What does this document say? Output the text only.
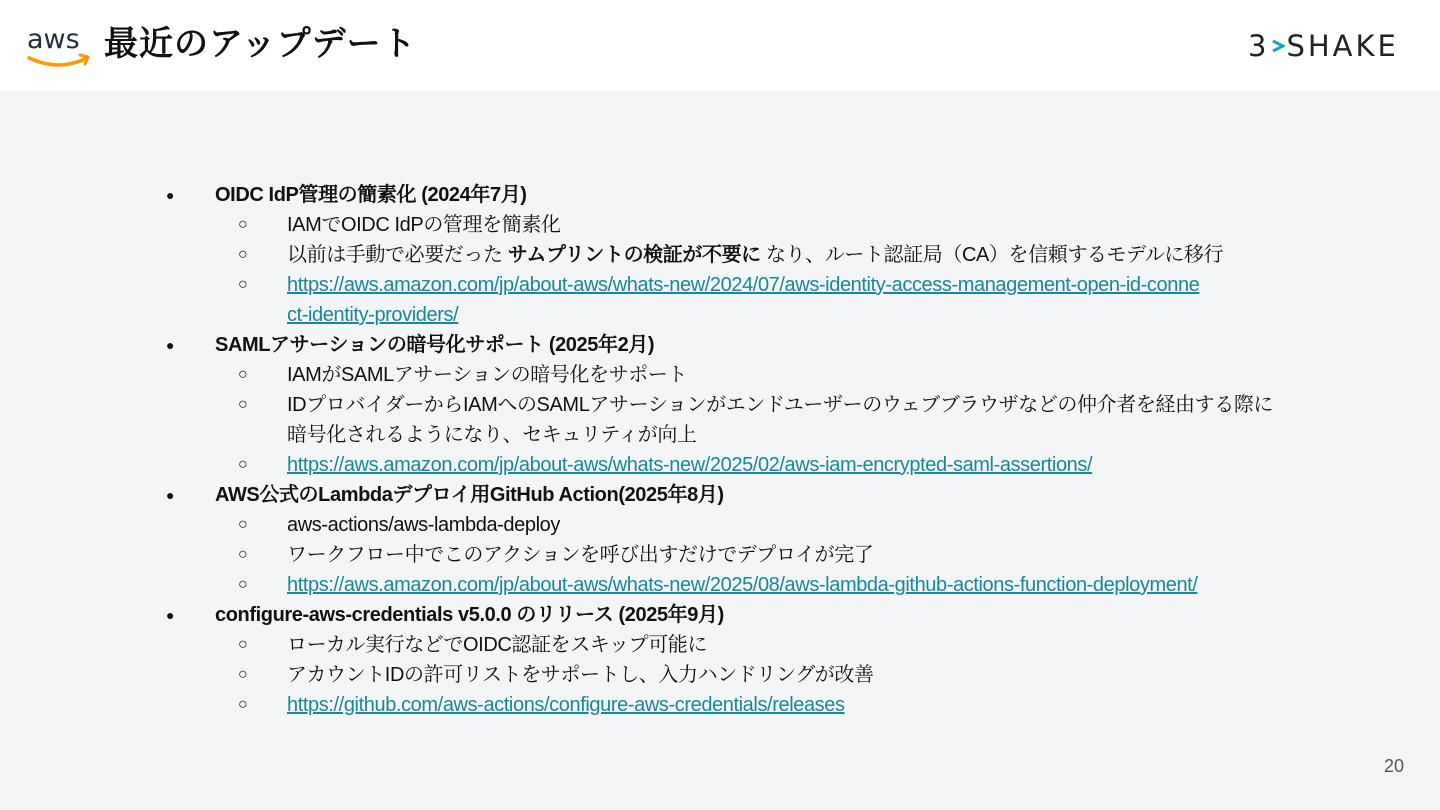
aws 最近のアップデート	3 SHAKE
● OIDC IdP管理の簡素化 (2024年7月)
○ IAMでOIDC IdPの管理を簡素化
○ 以前は手動で必要だった サムプリントの検証が不要に なり、ルート認証局（CA）を信頼するモデルに移行
○ https://aws.amazon.com/jp/about-aws/whats-new/2024/07/aws-identity-access-management-open-id-conne
ct-identity-providers/
● SAMLアサーションの暗号化サポート (2025年2月)
○ IAMがSAMLアサーションの暗号化をサポート
○ IDプロバイダーからIAMへのSAMLアサーションがエンドユーザーのウェブブラウザなどの仲介者を経由する際に
暗号化されるようになり、セキュリティが向上
○ https://aws.amazon.com/jp/about-aws/whats-new/2025/02/aws-iam-encrypted-saml-assertions/
● AWS公式のLambdaデプロイ用GitHub Action(2025年8月)
○ aws-actions/aws-lambda-deploy
○ ワークフロー中でこのアクションを呼び出すだけでデプロイが完了
○ https://aws.amazon.com/jp/about-aws/whats-new/2025/08/aws-lambda-github-actions-function-deployment/
● configure-aws-credentials v5.0.0 のリリース (2025年9月)
○ ローカル実行などでOIDC認証をスキップ可能に
○ アカウントIDの許可リストをサポートし、入力ハンドリングが改善
○ https://github.com/aws-actions/configure-aws-credentials/releases
20
